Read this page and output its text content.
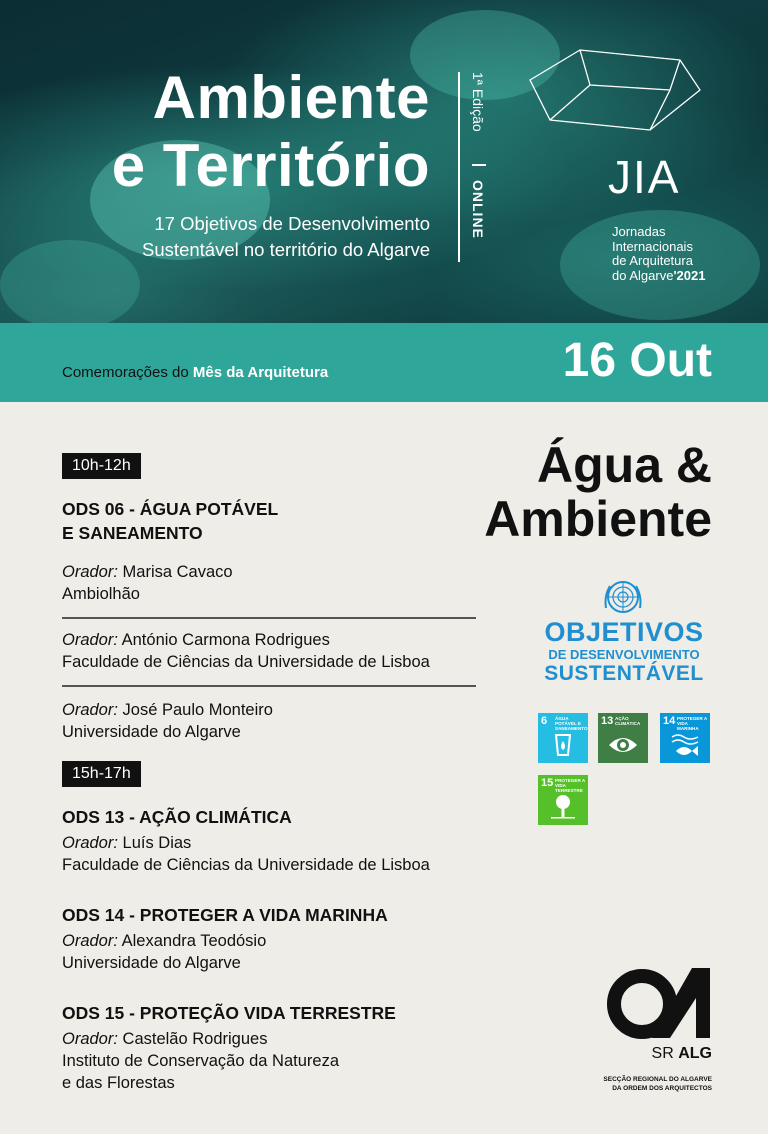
Ambiente
e Território
17 Objetivos de Desenvolvimento
Sustentável no território do Algarve
1ª Edição
ONLINE
JIA
Jornadas
Internacionais
de Arquitetura
do Algarve'2021
Comemorações do Mês da Arquitetura	16 Out
Água &
Ambiente
10h-12h
ODS 06 - ÁGUA POTÁVEL
E SANEAMENTO
Orador: Marisa Cavaco
Ambiolhão
Orador: António Carmona Rodrigues
Faculdade de Ciências da Universidade de Lisboa
Orador: José Paulo Monteiro
Universidade do Algarve
15h-17h
ODS 13 - AÇÃO CLIMÁTICA
Orador: Luís Dias
Faculdade de Ciências da Universidade de Lisboa
ODS 14 - PROTEGER A VIDA MARINHA
Orador: Alexandra Teodósio
Universidade do Algarve
ODS 15 - PROTEÇÃO VIDA TERRESTRE
Orador: Castelão Rodrigues
Instituto de Conservação da Natureza
e das Florestas
OBJETIVOS
DE DESENVOLVIMENTO
SUSTENTÁVEL
6 ÁGUA POTÁVEL E SANEAMENTO
13 AÇÃO CLIMÁTICA	14 PROTEGER A VIDA MARINHA
15 PROTEGER A VIDA TERRESTRE
SR ALG
SECÇÃO REGIONAL DO ALGARVE
DA ORDEM DOS ARQUITECTOS
